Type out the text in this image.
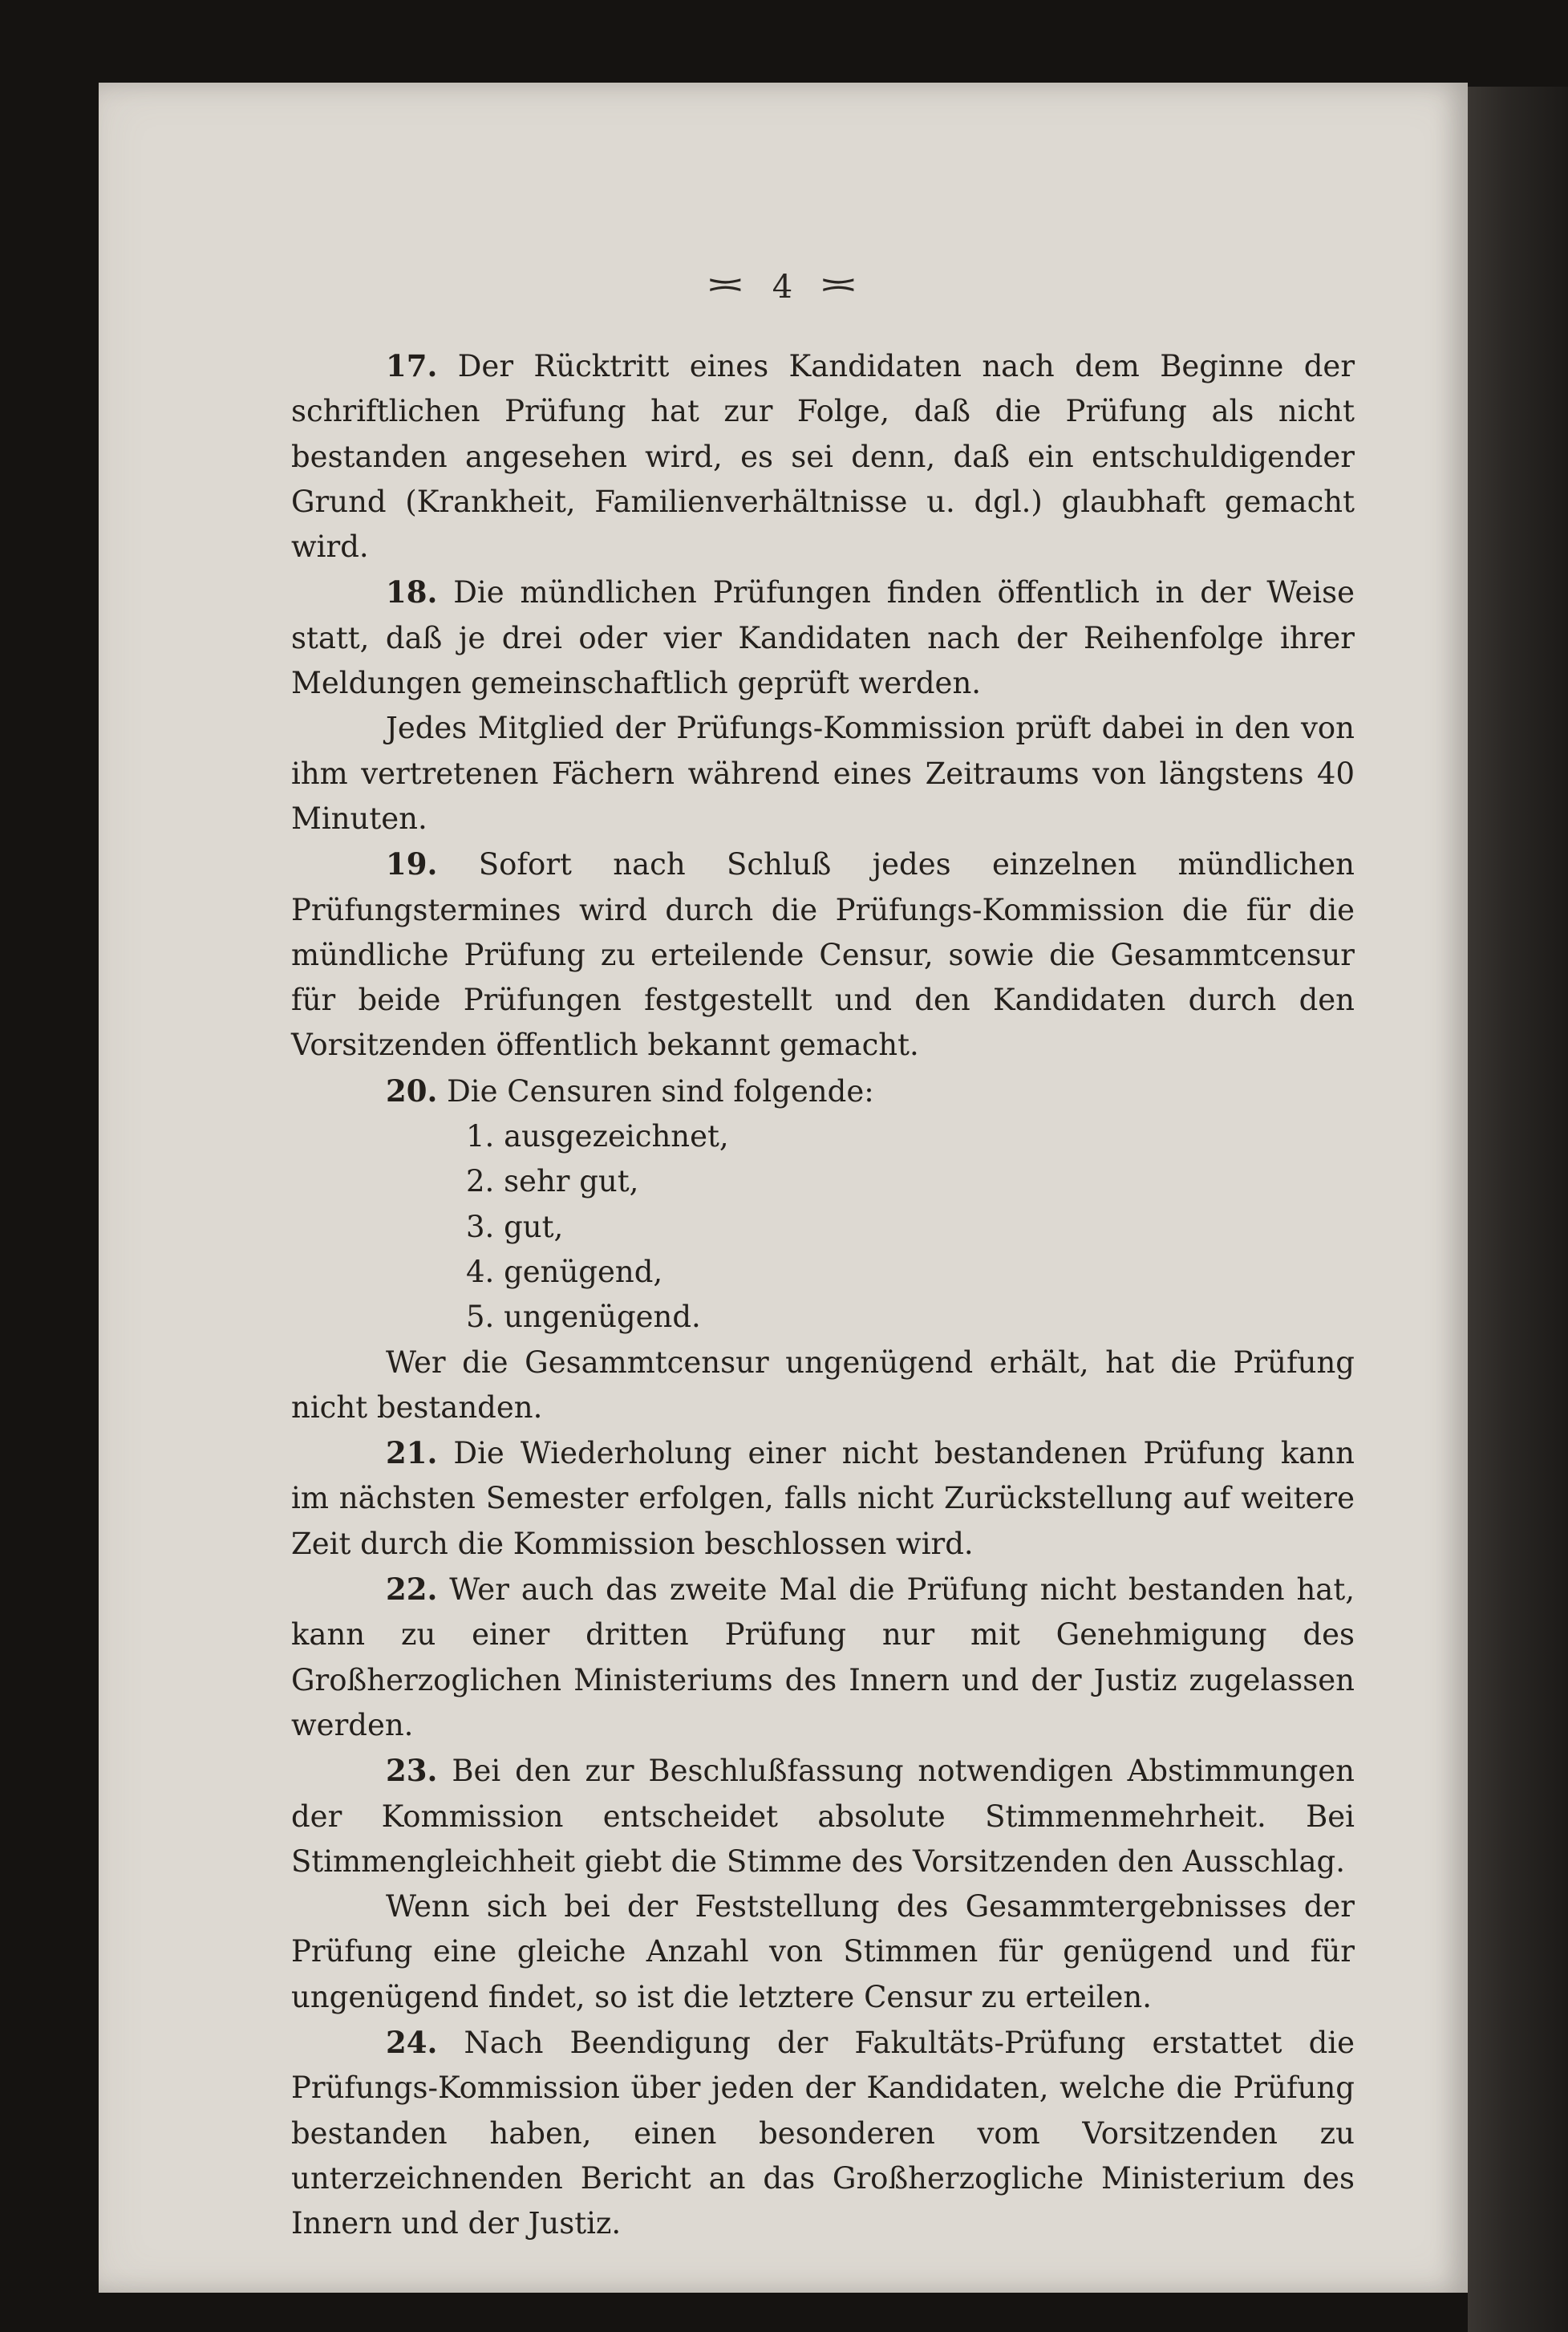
≍ 4 ≍

17. Der Rücktritt eines Kandidaten nach dem Beginne der schriftlichen Prüfung hat zur Folge, daß die Prüfung als nicht bestanden angesehen wird, es sei denn, daß ein entschuldigender Grund (Krankheit, Familienverhältnisse u. dgl.) glaubhaft gemacht wird.

18. Die mündlichen Prüfungen finden öffentlich in der Weise statt, daß je drei oder vier Kandidaten nach der Reihenfolge ihrer Meldungen gemeinschaftlich geprüft werden.

Jedes Mitglied der Prüfungs-Kommission prüft dabei in den von ihm vertretenen Fächern während eines Zeitraums von längstens 40 Minuten.

19. Sofort nach Schluß jedes einzelnen mündlichen Prüfungstermines wird durch die Prüfungs-Kommission die für die mündliche Prüfung zu erteilende Censur, sowie die Gesammtcensur für beide Prüfungen festgestellt und den Kandidaten durch den Vorsitzenden öffentlich bekannt gemacht.

20. Die Censuren sind folgende:

1. ausgezeichnet,
2. sehr gut,
3. gut,
4. genügend,
5. ungenügend.

Wer die Gesammtcensur ungenügend erhält, hat die Prüfung nicht bestanden.

21. Die Wiederholung einer nicht bestandenen Prüfung kann im nächsten Semester erfolgen, falls nicht Zurückstellung auf weitere Zeit durch die Kommission beschlossen wird.

22. Wer auch das zweite Mal die Prüfung nicht bestanden hat, kann zu einer dritten Prüfung nur mit Genehmigung des Großherzoglichen Ministeriums des Innern und der Justiz zugelassen werden.

23. Bei den zur Beschlußfassung notwendigen Abstimmungen der Kommission entscheidet absolute Stimmenmehrheit. Bei Stimmengleichheit giebt die Stimme des Vorsitzenden den Ausschlag.

Wenn sich bei der Feststellung des Gesammtergebnisses der Prüfung eine gleiche Anzahl von Stimmen für genügend und für ungenügend findet, so ist die letztere Censur zu erteilen.

24. Nach Beendigung der Fakultäts-Prüfung erstattet die Prüfungs-Kommission über jeden der Kandidaten, welche die Prüfung bestanden haben, einen besonderen vom Vorsitzenden zu unterzeichnenden Bericht an das Großherzogliche Ministerium des Innern und der Justiz.
